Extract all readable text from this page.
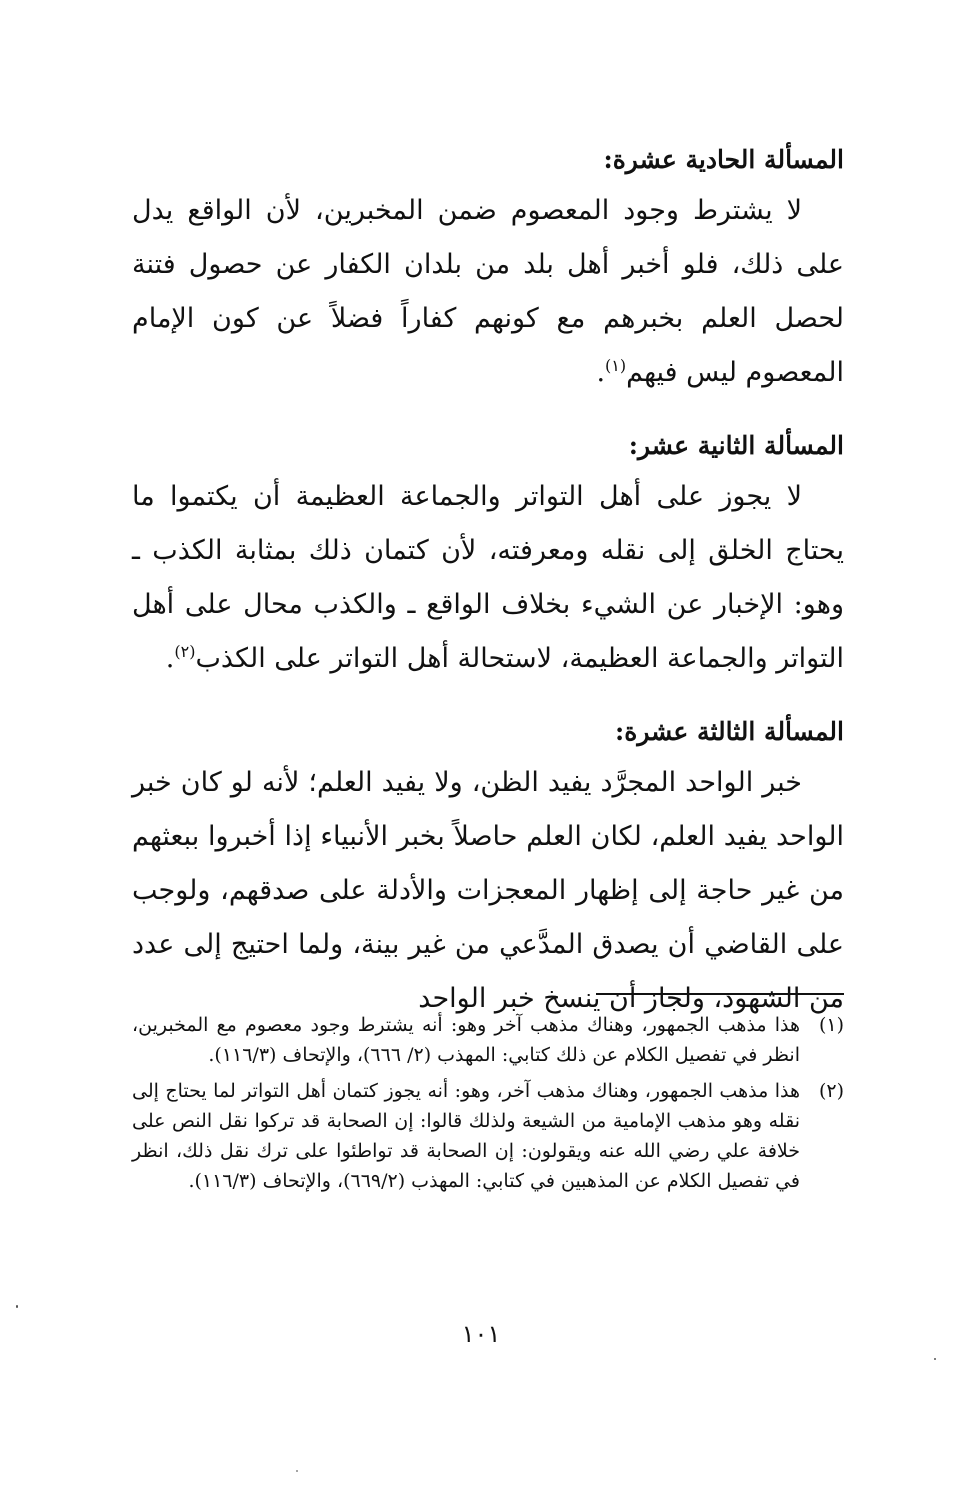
المسألة الحادية عشرة:

لا يشترط وجود المعصوم ضمن المخبرين، لأن الواقع يدل على ذلك، فلو أخبر أهل بلد من بلدان الكفار عن حصول فتنة لحصل العلم بخبرهم مع كونهم كفاراً فضلاً عن كون الإمام المعصوم ليس فيهم$^{(١)}$.

المسألة الثانية عشر:

لا يجوز على أهل التواتر والجماعة العظيمة أن يكتموا ما يحتاج الخلق إلى نقله ومعرفته، لأن كتمان ذلك بمثابة الكذب ـ وهو: الإخبار عن الشيء بخلاف الواقع ـ والكذب محال على أهل التواتر والجماعة العظيمة، لاستحالة أهل التواتر على الكذب$^{(٢)}$.

المسألة الثالثة عشرة:

خبر الواحد المجرَّد يفيد الظن، ولا يفيد العلم؛ لأنه لو كان خبر الواحد يفيد العلم، لكان العلم حاصلاً بخبر الأنبياء إذا أخبروا ببعثهم من غير حاجة إلى إظهار المعجزات والأدلة على صدقهم، ولوجب على القاضي أن يصدق المدَّعي من غير بينة، ولما احتيج إلى عدد من الشهود، ولجاز أن ينسخ خبر الواحد

(١)
هذا مذهب الجمهور، وهناك مذهب آخر وهو: أنه يشترط وجود معصوم مع المخبرين، انظر في تفصيل الكلام عن ذلك كتابي: المهذب (٢/ ٦٦٦)، والإتحاف (١١٦/٣).
(٢)
هذا مذهب الجمهور، وهناك مذهب آخر، وهو: أنه يجوز كتمان أهل التواتر لما يحتاج إلى نقله وهو مذهب الإمامية من الشيعة ولذلك قالوا: إن الصحابة قد تركوا نقل النص على خلافة علي رضي الله عنه ويقولون: إن الصحابة قد تواطئوا على ترك نقل ذلك، انظر في تفصيل الكلام عن المذهبين في كتابي: المهذب (٦٦٩/٢)، والإتحاف (١١٦/٣).
١٠١
